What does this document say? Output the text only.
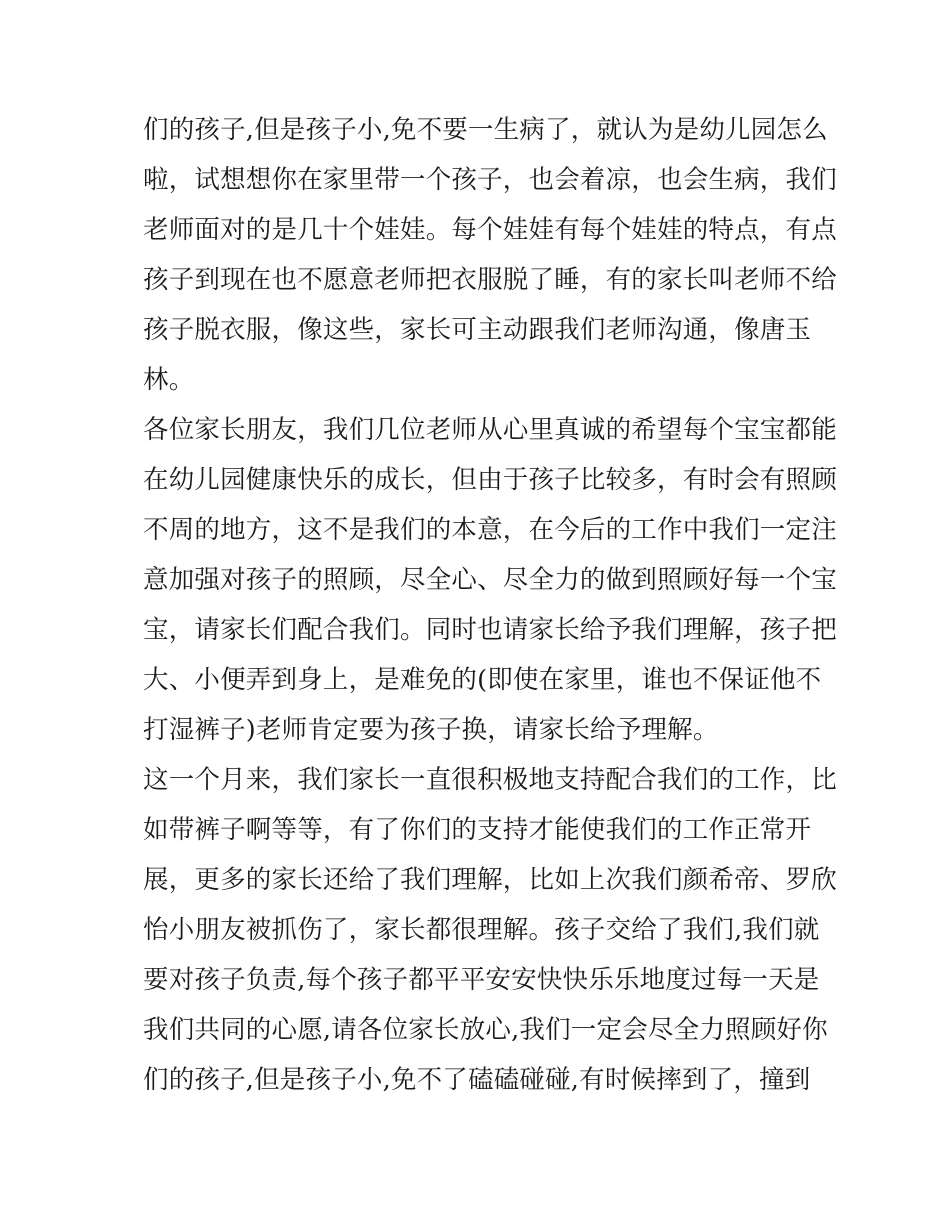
们的孩子,但是孩子小,免不要一生病了，就认为是幼儿园怎么
啦，试想想你在家里带一个孩子，也会着凉，也会生病，我们
老师面对的是几十个娃娃。每个娃娃有每个娃娃的特点，有点
孩子到现在也不愿意老师把衣服脱了睡，有的家长叫老师不给
孩子脱衣服，像这些，家长可主动跟我们老师沟通，像唐玉
林。
各位家长朋友，我们几位老师从心里真诚的希望每个宝宝都能
在幼儿园健康快乐的成长，但由于孩子比较多，有时会有照顾
不周的地方，这不是我们的本意，在今后的工作中我们一定注
意加强对孩子的照顾，尽全心、尽全力的做到照顾好每一个宝
宝，请家长们配合我们。同时也请家长给予我们理解，孩子把
大、小便弄到身上，是难免的(即使在家里，谁也不保证他不
打湿裤子)老师肯定要为孩子换，请家长给予理解。
这一个月来，我们家长一直很积极地支持配合我们的工作，比
如带裤子啊等等，有了你们的支持才能使我们的工作正常开
展，更多的家长还给了我们理解，比如上次我们颜希帝、罗欣
怡小朋友被抓伤了，家长都很理解。孩子交给了我们,我们就
要对孩子负责,每个孩子都平平安安快快乐乐地度过每一天是
我们共同的心愿,请各位家长放心,我们一定会尽全力照顾好你
们的孩子,但是孩子小,免不了磕磕碰碰,有时候摔到了，撞到
